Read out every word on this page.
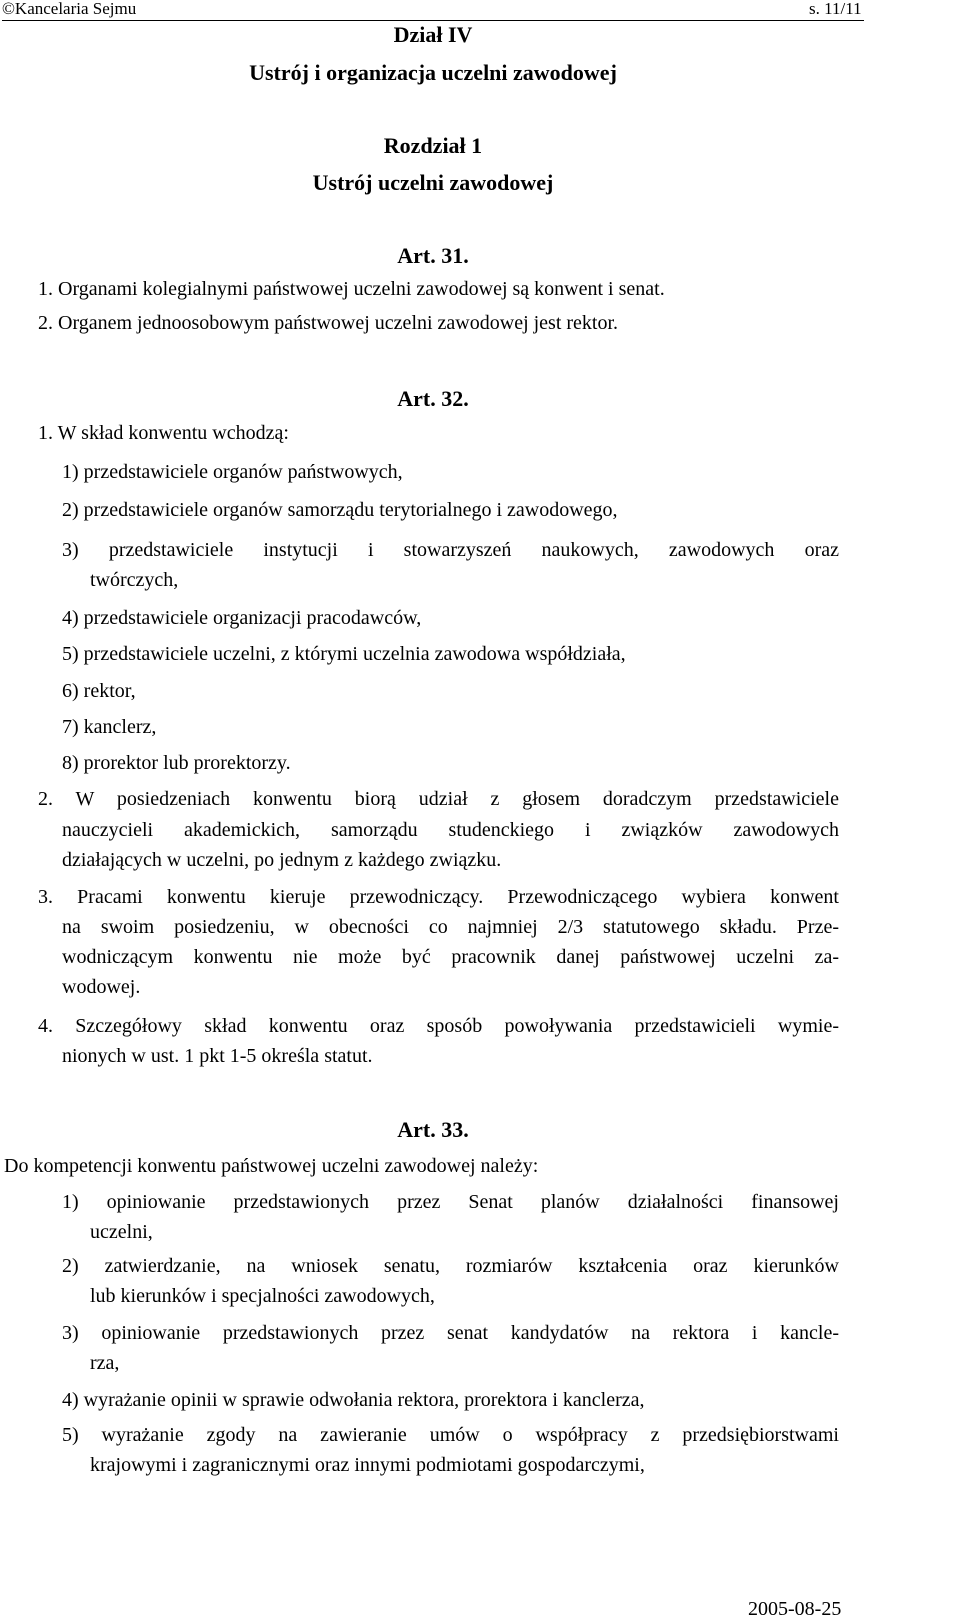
©Kancelaria Sejmu	s. 11/11
Dział IV
Ustrój i organizacja uczelni zawodowej
Rozdział 1
Ustrój uczelni zawodowej
Art. 31.
1. Organami kolegialnymi państwowej uczelni zawodowej są konwent i senat.
2. Organem jednoosobowym państwowej uczelni zawodowej jest rektor.
Art. 32.
1. W skład konwentu wchodzą:
1) przedstawiciele organów państwowych,
2) przedstawiciele organów samorządu terytorialnego i zawodowego,
3) przedstawiciele instytucji i stowarzyszeń naukowych, zawodowych oraz
twórczych,
4) przedstawiciele organizacji pracodawców,
5) przedstawiciele uczelni, z którymi uczelnia zawodowa współdziała,
6) rektor,
7) kanclerz,
8) prorektor lub prorektorzy.
2. W posiedzeniach konwentu biorą udział z głosem doradczym przedstawiciele
nauczycieli akademickich, samorządu studenckiego i związków zawodowych
działających w uczelni, po jednym z każdego związku.
3. Pracami konwentu kieruje przewodniczący. Przewodniczącego wybiera konwent
na swoim posiedzeniu, w obecności co najmniej 2/3 statutowego składu. Prze-
wodniczącym konwentu nie może być pracownik danej państwowej uczelni za-
wodowej.
4. Szczegółowy skład konwentu oraz sposób powoływania przedstawicieli wymie-
nionych w ust. 1 pkt 1-5 określa statut.
Art. 33.
Do kompetencji konwentu państwowej uczelni zawodowej należy:
1) opiniowanie przedstawionych przez Senat planów działalności finansowej
uczelni,
2) zatwierdzanie, na wniosek senatu, rozmiarów kształcenia oraz kierunków
lub kierunków i specjalności zawodowych,
3) opiniowanie przedstawionych przez senat kandydatów na rektora i kancle-
rza,
4) wyrażanie opinii w sprawie odwołania rektora, prorektora i kanclerza,
5) wyrażanie zgody na zawieranie umów o współpracy z przedsiębiorstwami
krajowymi i zagranicznymi oraz innymi podmiotami gospodarczymi,
2005-08-25
